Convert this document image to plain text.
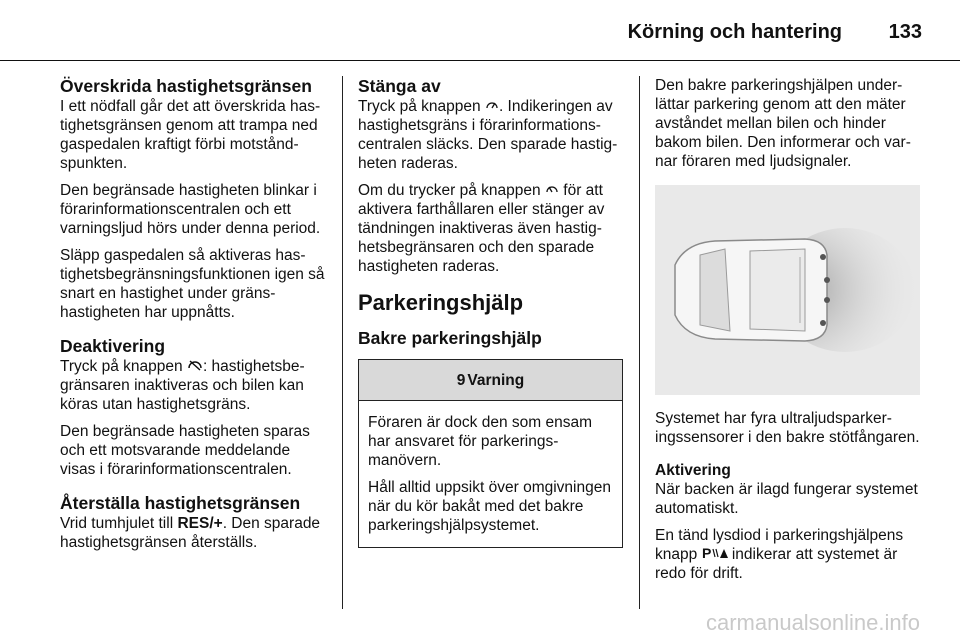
Körning och hantering 133
Överskrida hastighetsgränsen

I ett nödfall går det att överskrida hastighetsgränsen genom att trampa ned gaspedalen kraftigt förbi motståndspunkten.

Den begränsade hastigheten blinkar i förarinformationscentralen och ett varningsljud hörs under denna period.

Släpp gaspedalen så aktiveras hastighetsbegränsningsfunktionen igen så snart en hastighet under gränshastigheten har uppnåtts.

Deaktivering

Tryck på knappen : hastighetsbegränsaren inaktiveras och bilen kan köras utan hastighetsgräns.

Den begränsade hastigheten sparas och ett motsvarande meddelande visas i förarinformationscentralen.

Återställa hastighetsgränsen

Vrid tumhjulet till RES/+. Den sparade hastighetsgränsen återställs.

Stänga av

Tryck på knappen . Indikeringen av hastighetsgräns i förarinformationscentralen släcks. Den sparade hastigheten raderas.

Om du trycker på knappen  för att aktivera farthållaren eller stänger av tändningen inaktiveras även hastighetsbegränsaren och den sparade hastigheten raderas.

Parkeringshjälp
Bakre parkeringshjälp
9 Varning

Föraren är dock den som ensam har ansvaret för parkeringsmanövern.

Håll alltid uppsikt över omgivningen när du kör bakåt med det bakre parkeringshjälpsystemet.

Den bakre parkeringshjälpen underlättar parkering genom att den mäter avståndet mellan bilen och hinder bakom bilen. Den informerar och varnar föraren med ljudsignaler.

Systemet har fyra ultraljudsparkeringssensorer i den bakre stötfångaren.

Aktivering

När backen är ilagd fungerar systemet automatiskt.

En tänd lysdiod i parkeringshjälpens knapp P indikerar att systemet är redo för drift.

carmanualsonline.info
